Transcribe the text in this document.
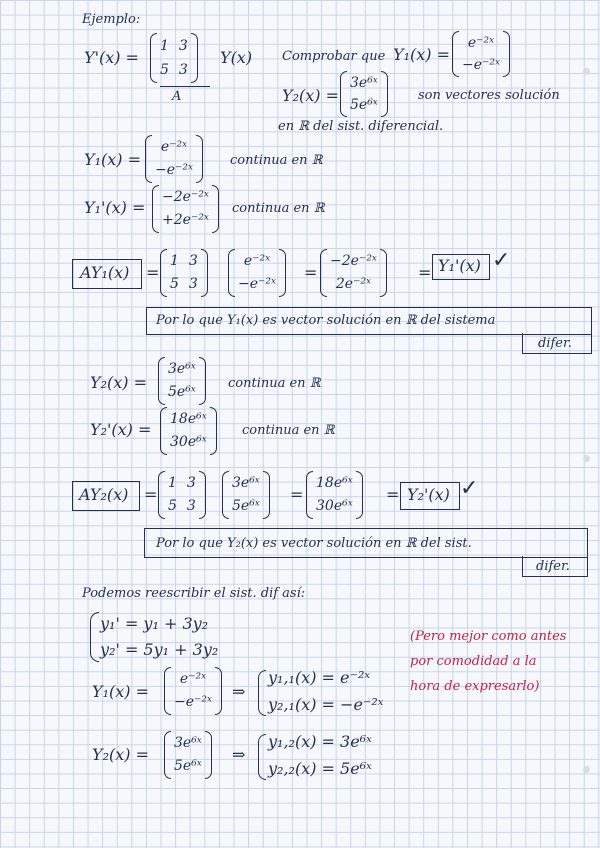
Ejemplo:
Y'(x) =
1 3
5 3
Y(x)
A
Comprobar que Y₁(x) =
e⁻²ˣ
−e⁻²ˣ
Y₂(x) =
3e⁶ˣ
5e⁶ˣ
son vectores solución
en ℝ del sist. diferencial.
Y₁(x) =
e⁻²ˣ
−e⁻²ˣ
continua en ℝ
Y₁'(x) =
−2e⁻²ˣ
+2e⁻²ˣ
continua en ℝ
AY₁(x) =
1 3
5 3
e⁻²ˣ
−e⁻²ˣ
=
−2e⁻²ˣ
2e⁻²ˣ
= Y₁'(x) ✓
Por lo que Y₁(x) es vector solución en ℝ del sistema
difer.
Y₂(x) =
3e⁶ˣ
5e⁶ˣ
continua en ℝ
Y₂'(x) =
18e⁶ˣ
30e⁶ˣ
continua en ℝ
AY₂(x) =
1 3
5 3
3e⁶ˣ
5e⁶ˣ
=
18e⁶ˣ
30e⁶ˣ
= Y₂'(x) ✓
Por lo que Y₂(x) es vector solución en ℝ del sist.
difer.
Podemos reescribir el sist. dif así:
y₁' = y₁ + 3y₂
y₂' = 5y₁ + 3y₂
(Pero mejor como antes
por comodidad a la
hora de expresarlo)
Y₁(x) =
e⁻²ˣ
−e⁻²ˣ
⇒
y₁,₁(x) = e⁻²ˣ
y₂,₁(x) = −e⁻²ˣ
Y₂(x) =
3e⁶ˣ
5e⁶ˣ
⇒
y₁,₂(x) = 3e⁶ˣ
y₂,₂(x) = 5e⁶ˣ
